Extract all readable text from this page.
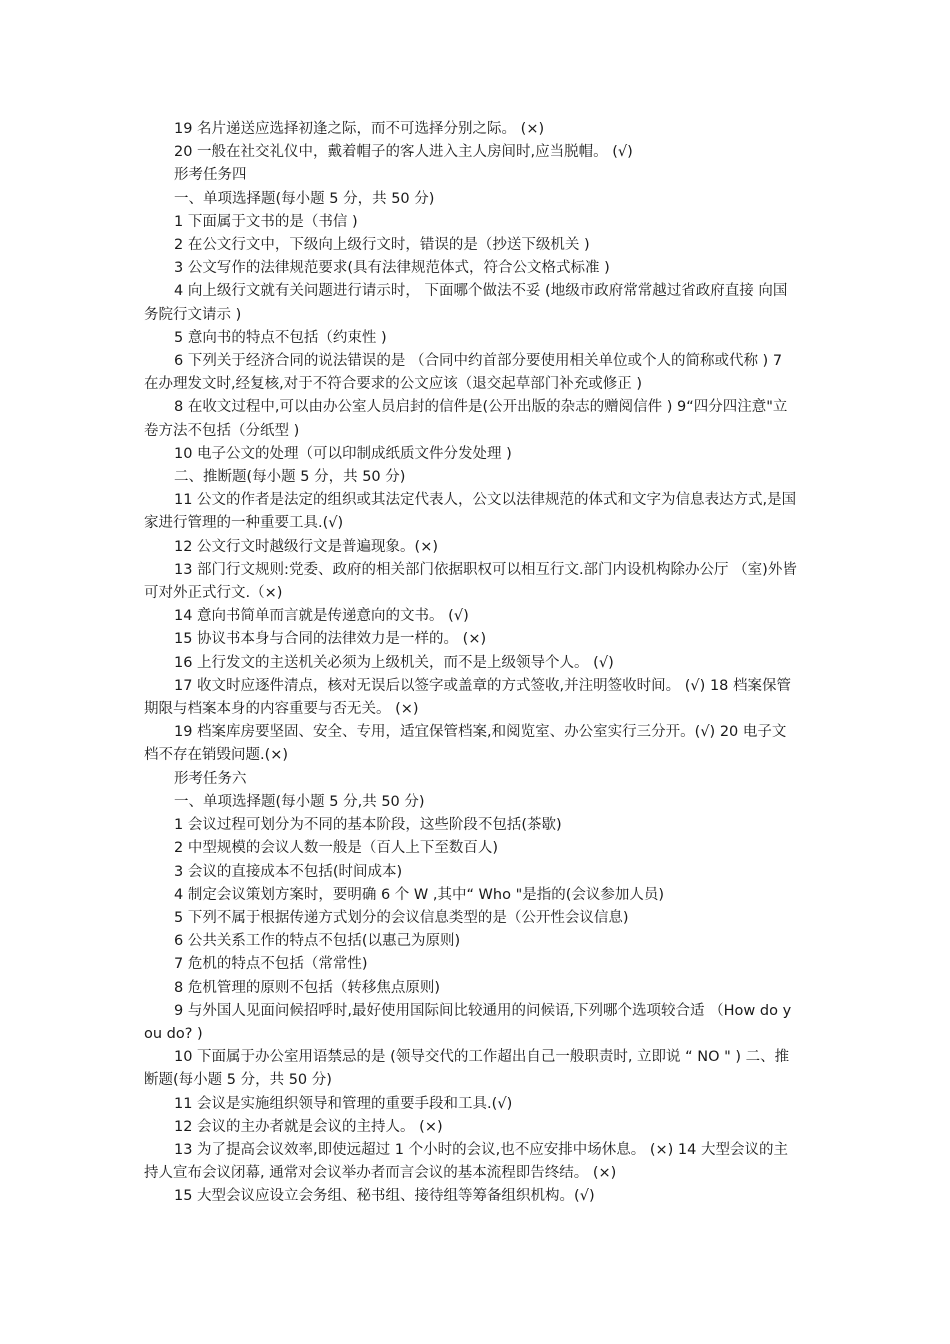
19 名片递送应选择初逢之际，而不可选择分别之际。 (×)

20 一般在社交礼仪中，戴着帽子的客人进入主人房间时,应当脱帽。 (√)

形考任务四

一、单项选择题(每小题 5 分，共 50 分)

1 下面属于文书的是（书信 )

2 在公文行文中，下级向上级行文时，错误的是（抄送下级机关 )

3 公文写作的法律规范要求(具有法律规范体式，符合公文格式标准 )

4 向上级行文就有关问题进行请示时， 下面哪个做法不妥 (地级市政府常常越过省政府直接 向国务院行文请示 )

5 意向书的特点不包括（约束性 )

6 下列关于经济合同的说法错误的是 （合同中约首部分要使用相关单位或个人的简称或代称 ) 7 在办理发文时,经复核,对于不符合要求的公文应该（退交起草部门补充或修正 )

8 在收文过程中,可以由办公室人员启封的信件是(公开出版的杂志的赠阅信件 ) 9“四分四注意"立卷方法不包括（分纸型 )

10 电子公文的处理（可以印制成纸质文件分发处理 )

二、推断题(每小题 5 分，共 50 分)

11 公文的作者是法定的组织或其法定代表人，公文以法律规范的体式和文字为信息表达方式,是国家进行管理的一种重要工具.(√)

12 公文行文时越级行文是普遍现象。(×)

13 部门行文规则:党委、政府的相关部门依据职权可以相互行文.部门内设机构除办公厅 （室)外皆可对外正式行文.（×)

14 意向书简单而言就是传递意向的文书。 (√)

15 协议书本身与合同的法律效力是一样的。 (×)

16 上行发文的主送机关必须为上级机关，而不是上级领导个人。 (√)

17 收文时应逐件清点，核对无误后以签字或盖章的方式签收,并注明签收时间。 (√) 18 档案保管期限与档案本身的内容重要与否无关。 (×)

19 档案库房要坚固、安全、专用，适宜保管档案,和阅览室、办公室实行三分开。(√) 20 电子文档不存在销毁问题.(×)

形考任务六

一、单项选择题(每小题 5 分,共 50 分)

1 会议过程可划分为不同的基本阶段，这些阶段不包括(茶歇)

2 中型规模的会议人数一般是（百人上下至数百人)

3 会议的直接成本不包括(时间成本)

4 制定会议策划方案时，要明确 6 个 W ,其中“ Who "是指的(会议参加人员)

5 下列不属于根据传递方式划分的会议信息类型的是（公开性会议信息)

6 公共关系工作的特点不包括(以惠己为原则)

7 危机的特点不包括（常常性)

8 危机管理的原则不包括（转移焦点原则)

9 与外国人见面问候招呼时,最好使用国际间比较通用的问候语,下列哪个选项较合适 （How do you do? )

10 下面属于办公室用语禁忌的是 (领导交代的工作超出自己一般职责时, 立即说 “ NO " ) 二、推断题(每小题 5 分，共 50 分)

11 会议是实施组织领导和管理的重要手段和工具.(√)

12 会议的主办者就是会议的主持人。 (×)

13 为了提高会议效率,即使远超过 1 个小时的会议,也不应安排中场休息。 (×) 14 大型会议的主持人宣布会议闭幕, 通常对会议举办者而言会议的基本流程即告终结。 (×)

15 大型会议应设立会务组、秘书组、接待组等筹备组织机构。(√)
